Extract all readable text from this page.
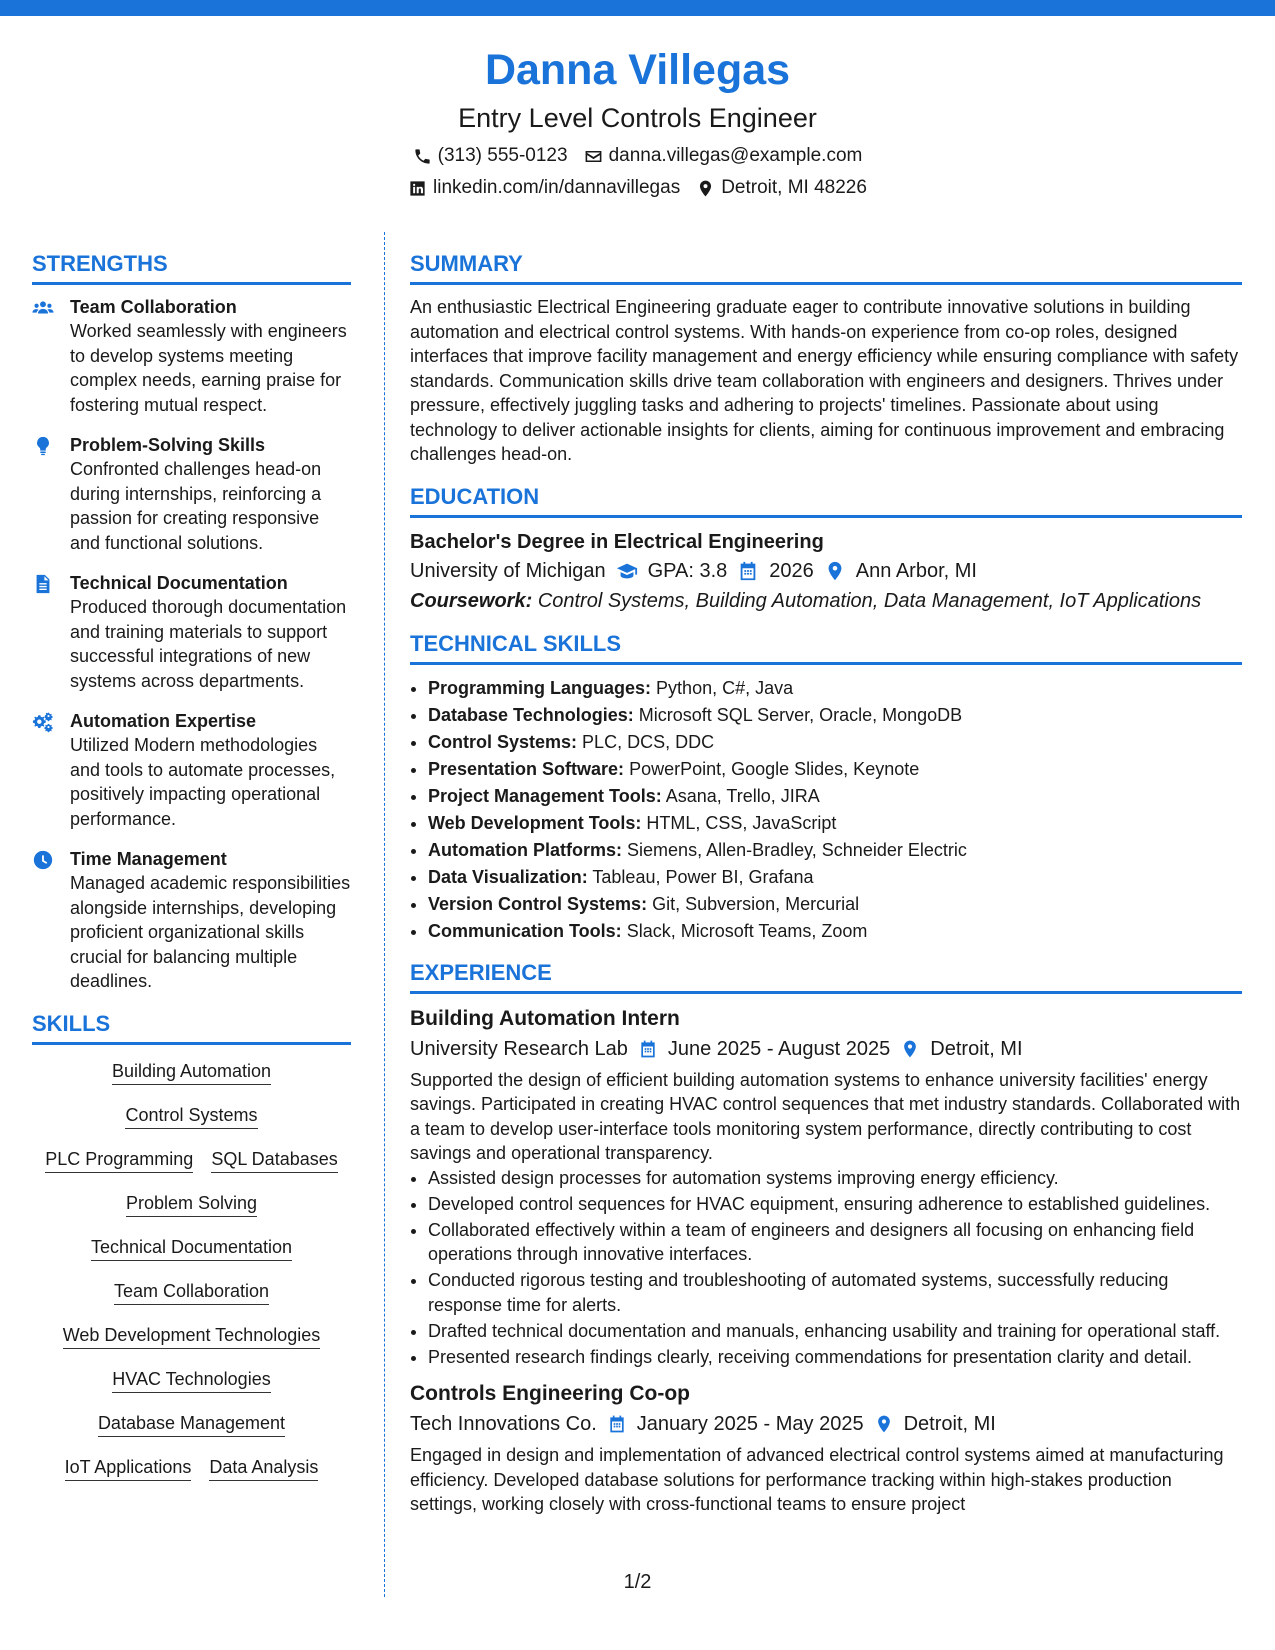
Danna Villegas
Entry Level Controls Engineer
(313) 555-0123 danna.villegas@example.com
linkedin.com/in/dannavillegas Detroit, MI 48226
STRENGTHS
Team Collaboration
Worked seamlessly with engineers to develop systems meeting complex needs, earning praise for fostering mutual respect.
Problem-Solving Skills
Confronted challenges head-on during internships, reinforcing a passion for creating responsive and functional solutions.
Technical Documentation
Produced thorough documentation and training materials to support successful integrations of new systems across departments.
Automation Expertise
Utilized Modern methodologies and tools to automate processes, positively impacting operational performance.
Time Management
Managed academic responsibilities alongside internships, developing proficient organizational skills crucial for balancing multiple deadlines.
SKILLS
Building Automation
Control Systems
PLC Programming SQL Databases
Problem Solving
Technical Documentation
Team Collaboration
Web Development Technologies
HVAC Technologies
Database Management
IoT Applications Data Analysis
SUMMARY
An enthusiastic Electrical Engineering graduate eager to contribute innovative solutions in building automation and electrical control systems. With hands-on experience from co-op roles, designed interfaces that improve facility management and energy efficiency while ensuring compliance with safety standards. Communication skills drive team collaboration with engineers and designers. Thrives under pressure, effectively juggling tasks and adhering to projects' timelines. Passionate about using technology to deliver actionable insights for clients, aiming for continuous improvement and embracing challenges head-on.
EDUCATION
Bachelor's Degree in Electrical Engineering
University of Michigan GPA: 3.8 2026 Ann Arbor, MI
Coursework: Control Systems, Building Automation, Data Management, IoT Applications
TECHNICAL SKILLS
• Programming Languages: Python, C#, Java
• Database Technologies: Microsoft SQL Server, Oracle, MongoDB
• Control Systems: PLC, DCS, DDC
• Presentation Software: PowerPoint, Google Slides, Keynote
• Project Management Tools: Asana, Trello, JIRA
• Web Development Tools: HTML, CSS, JavaScript
• Automation Platforms: Siemens, Allen-Bradley, Schneider Electric
• Data Visualization: Tableau, Power BI, Grafana
• Version Control Systems: Git, Subversion, Mercurial
• Communication Tools: Slack, Microsoft Teams, Zoom
EXPERIENCE
Building Automation Intern
University Research Lab June 2025 - August 2025 Detroit, MI
Supported the design of efficient building automation systems to enhance university facilities' energy savings. Participated in creating HVAC control sequences that met industry standards. Collaborated with a team to develop user-interface tools monitoring system performance, directly contributing to cost savings and operational transparency.
• Assisted design processes for automation systems improving energy efficiency.
• Developed control sequences for HVAC equipment, ensuring adherence to established guidelines.
• Collaborated effectively within a team of engineers and designers all focusing on enhancing field operations through innovative interfaces.
• Conducted rigorous testing and troubleshooting of automated systems, successfully reducing response time for alerts.
• Drafted technical documentation and manuals, enhancing usability and training for operational staff.
• Presented research findings clearly, receiving commendations for presentation clarity and detail.
Controls Engineering Co-op
Tech Innovations Co. January 2025 - May 2025 Detroit, MI
Engaged in design and implementation of advanced electrical control systems aimed at manufacturing efficiency. Developed database solutions for performance tracking within high-stakes production settings, working closely with cross-functional teams to ensure project
1/2
